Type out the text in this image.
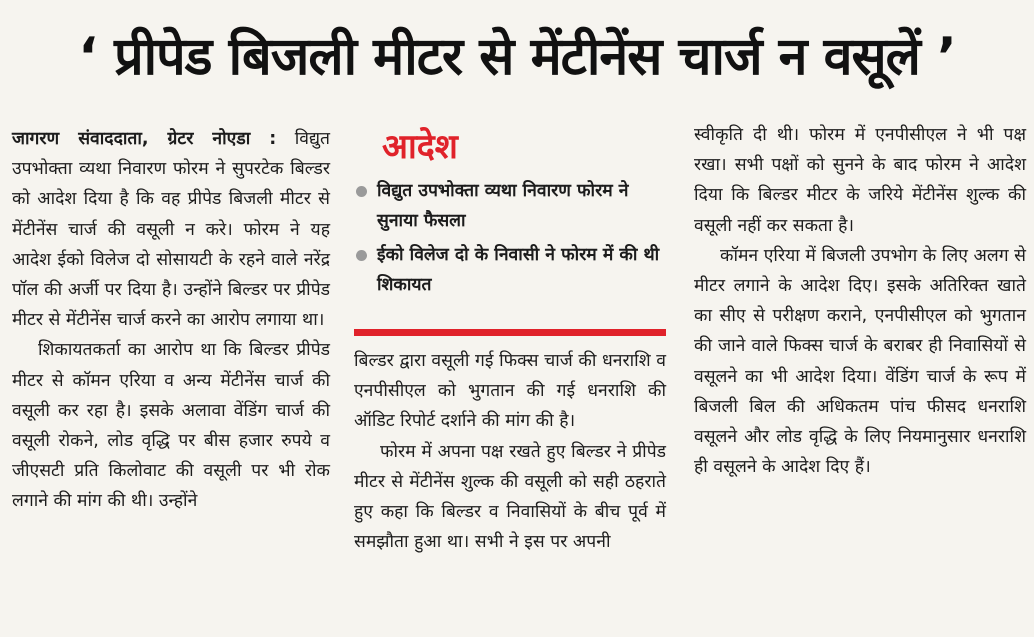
‘ प्रीपेड बिजली मीटर से मेंटीनेंस चार्ज न वसूलें ’

जागरण संवाददाता, ग्रेटर नोएडा : विद्युत उपभोक्ता व्यथा निवारण फोरम ने सुपरटेक बिल्डर को आदेश दिया है कि वह प्रीपेड बिजली मीटर से मेंटीनेंस चार्ज की वसूली न करे। फोरम ने यह आदेश ईको विलेज दो सोसायटी के रहने वाले नरेंद्र पॉल की अर्जी पर दिया है। उन्होंने बिल्डर पर प्रीपेड मीटर से मेंटीनेंस चार्ज करने का आरोप लगाया था।

शिकायतकर्ता का आरोप था कि बिल्डर प्रीपेड मीटर से कॉमन एरिया व अन्य मेंटीनेंस चार्ज की वसूली कर रहा है। इसके अलावा वेंडिंग चार्ज की वसूली रोकने, लोड वृद्धि पर बीस हजार रुपये व जीएसटी प्रति किलोवाट की वसूली पर भी रोक लगाने की मांग की थी। उन्होंने

आदेश
विद्युत उपभोक्ता व्यथा निवारण फोरम ने सुनाया फैसला
ईको विलेज दो के निवासी ने फोरम में की थी शिकायत

बिल्डर द्वारा वसूली गई फिक्स चार्ज की धनराशि व एनपीसीएल को भुगतान की गई धनराशि की ऑडिट रिपोर्ट दर्शाने की मांग की है।

फोरम में अपना पक्ष रखते हुए बिल्डर ने प्रीपेड मीटर से मेंटीनेंस शुल्क की वसूली को सही ठहराते हुए कहा कि बिल्डर व निवासियों के बीच पूर्व में समझौता हुआ था। सभी ने इस पर अपनी

स्वीकृति दी थी। फोरम में एनपीसीएल ने भी पक्ष रखा। सभी पक्षों को सुनने के बाद फोरम ने आदेश दिया कि बिल्डर मीटर के जरिये मेंटीनेंस शुल्क की वसूली नहीं कर सकता है।

कॉमन एरिया में बिजली उपभोग के लिए अलग से मीटर लगाने के आदेश दिए। इसके अतिरिक्त खाते का सीए से परीक्षण कराने, एनपीसीएल को भुगतान की जाने वाले फिक्स चार्ज के बराबर ही निवासियों से वसूलने का भी आदेश दिया। वेंडिंग चार्ज के रूप में बिजली बिल की अधिकतम पांच फीसद धनराशि वसूलने और लोड वृद्धि के लिए नियमानुसार धनराशि ही वसूलने के आदेश दिए हैं।
